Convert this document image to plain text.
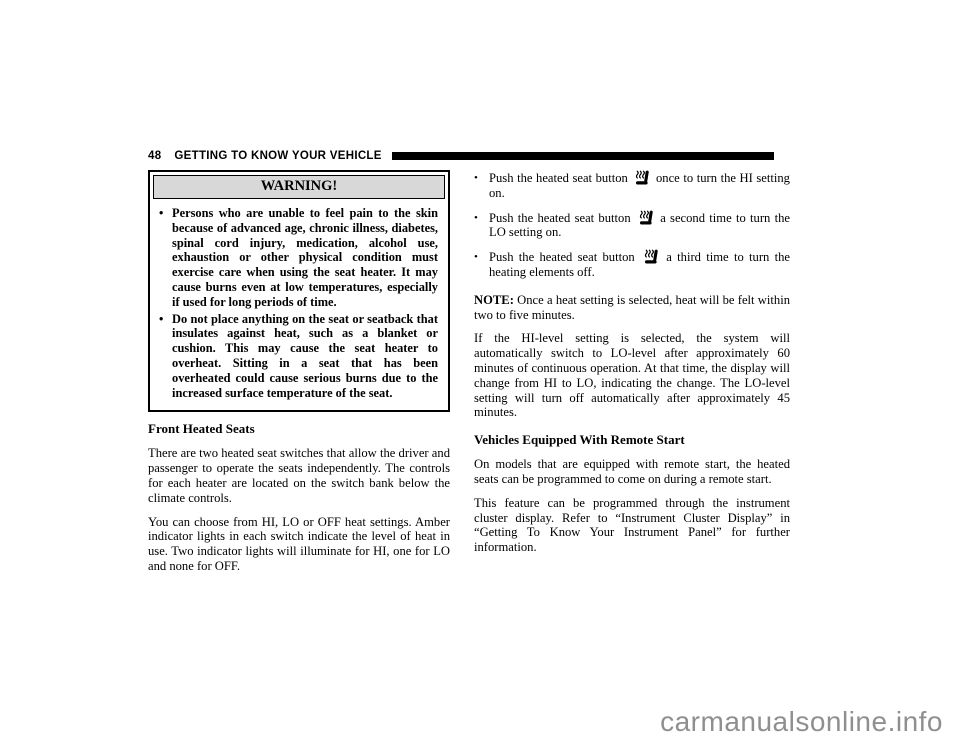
48 GETTING TO KNOW YOUR VEHICLE
WARNING!
• Persons who are unable to feel pain to the skin because of advanced age, chronic illness, diabetes, spinal cord injury, medication, alcohol use, exhaustion or other physical condition must exercise care when using the seat heater. It may cause burns even at low temperatures, especially if used for long periods of time.
• Do not place anything on the seat or seatback that insulates against heat, such as a blanket or cushion. This may cause the seat heater to overheat. Sitting in a seat that has been overheated could cause serious burns due to the increased surface temperature of the seat.
Front Heated Seats

There are two heated seat switches that allow the driver and passenger to operate the seats independently. The controls for each heater are located on the switch bank below the climate controls.

You can choose from HI, LO or OFF heat settings. Amber indicator lights in each switch indicate the level of heat in use. Two indicator lights will illuminate for HI, one for LO and none for OFF.

• Push the heated seat button once to turn the HI setting on.
• Push the heated seat button a second time to turn the LO setting on.
• Push the heated seat button	a third time to turn the heating elements off.

NOTE: Once a heat setting is selected, heat will be felt within two to five minutes.

If the HI-level setting is selected, the system will automatically switch to LO-level after approximately 60 minutes of continuous operation. At that time, the display will change from HI to LO, indicating the change. The LO-level setting will turn off automatically after approximately 45 minutes.

Vehicles Equipped With Remote Start

On models that are equipped with remote start, the heated seats can be programmed to come on during a remote start.

This feature can be programmed through the instrument cluster display. Refer to “Instrument Cluster Display” in “Getting To Know Your Instrument Panel” for further information.

carmanualsonline.info
